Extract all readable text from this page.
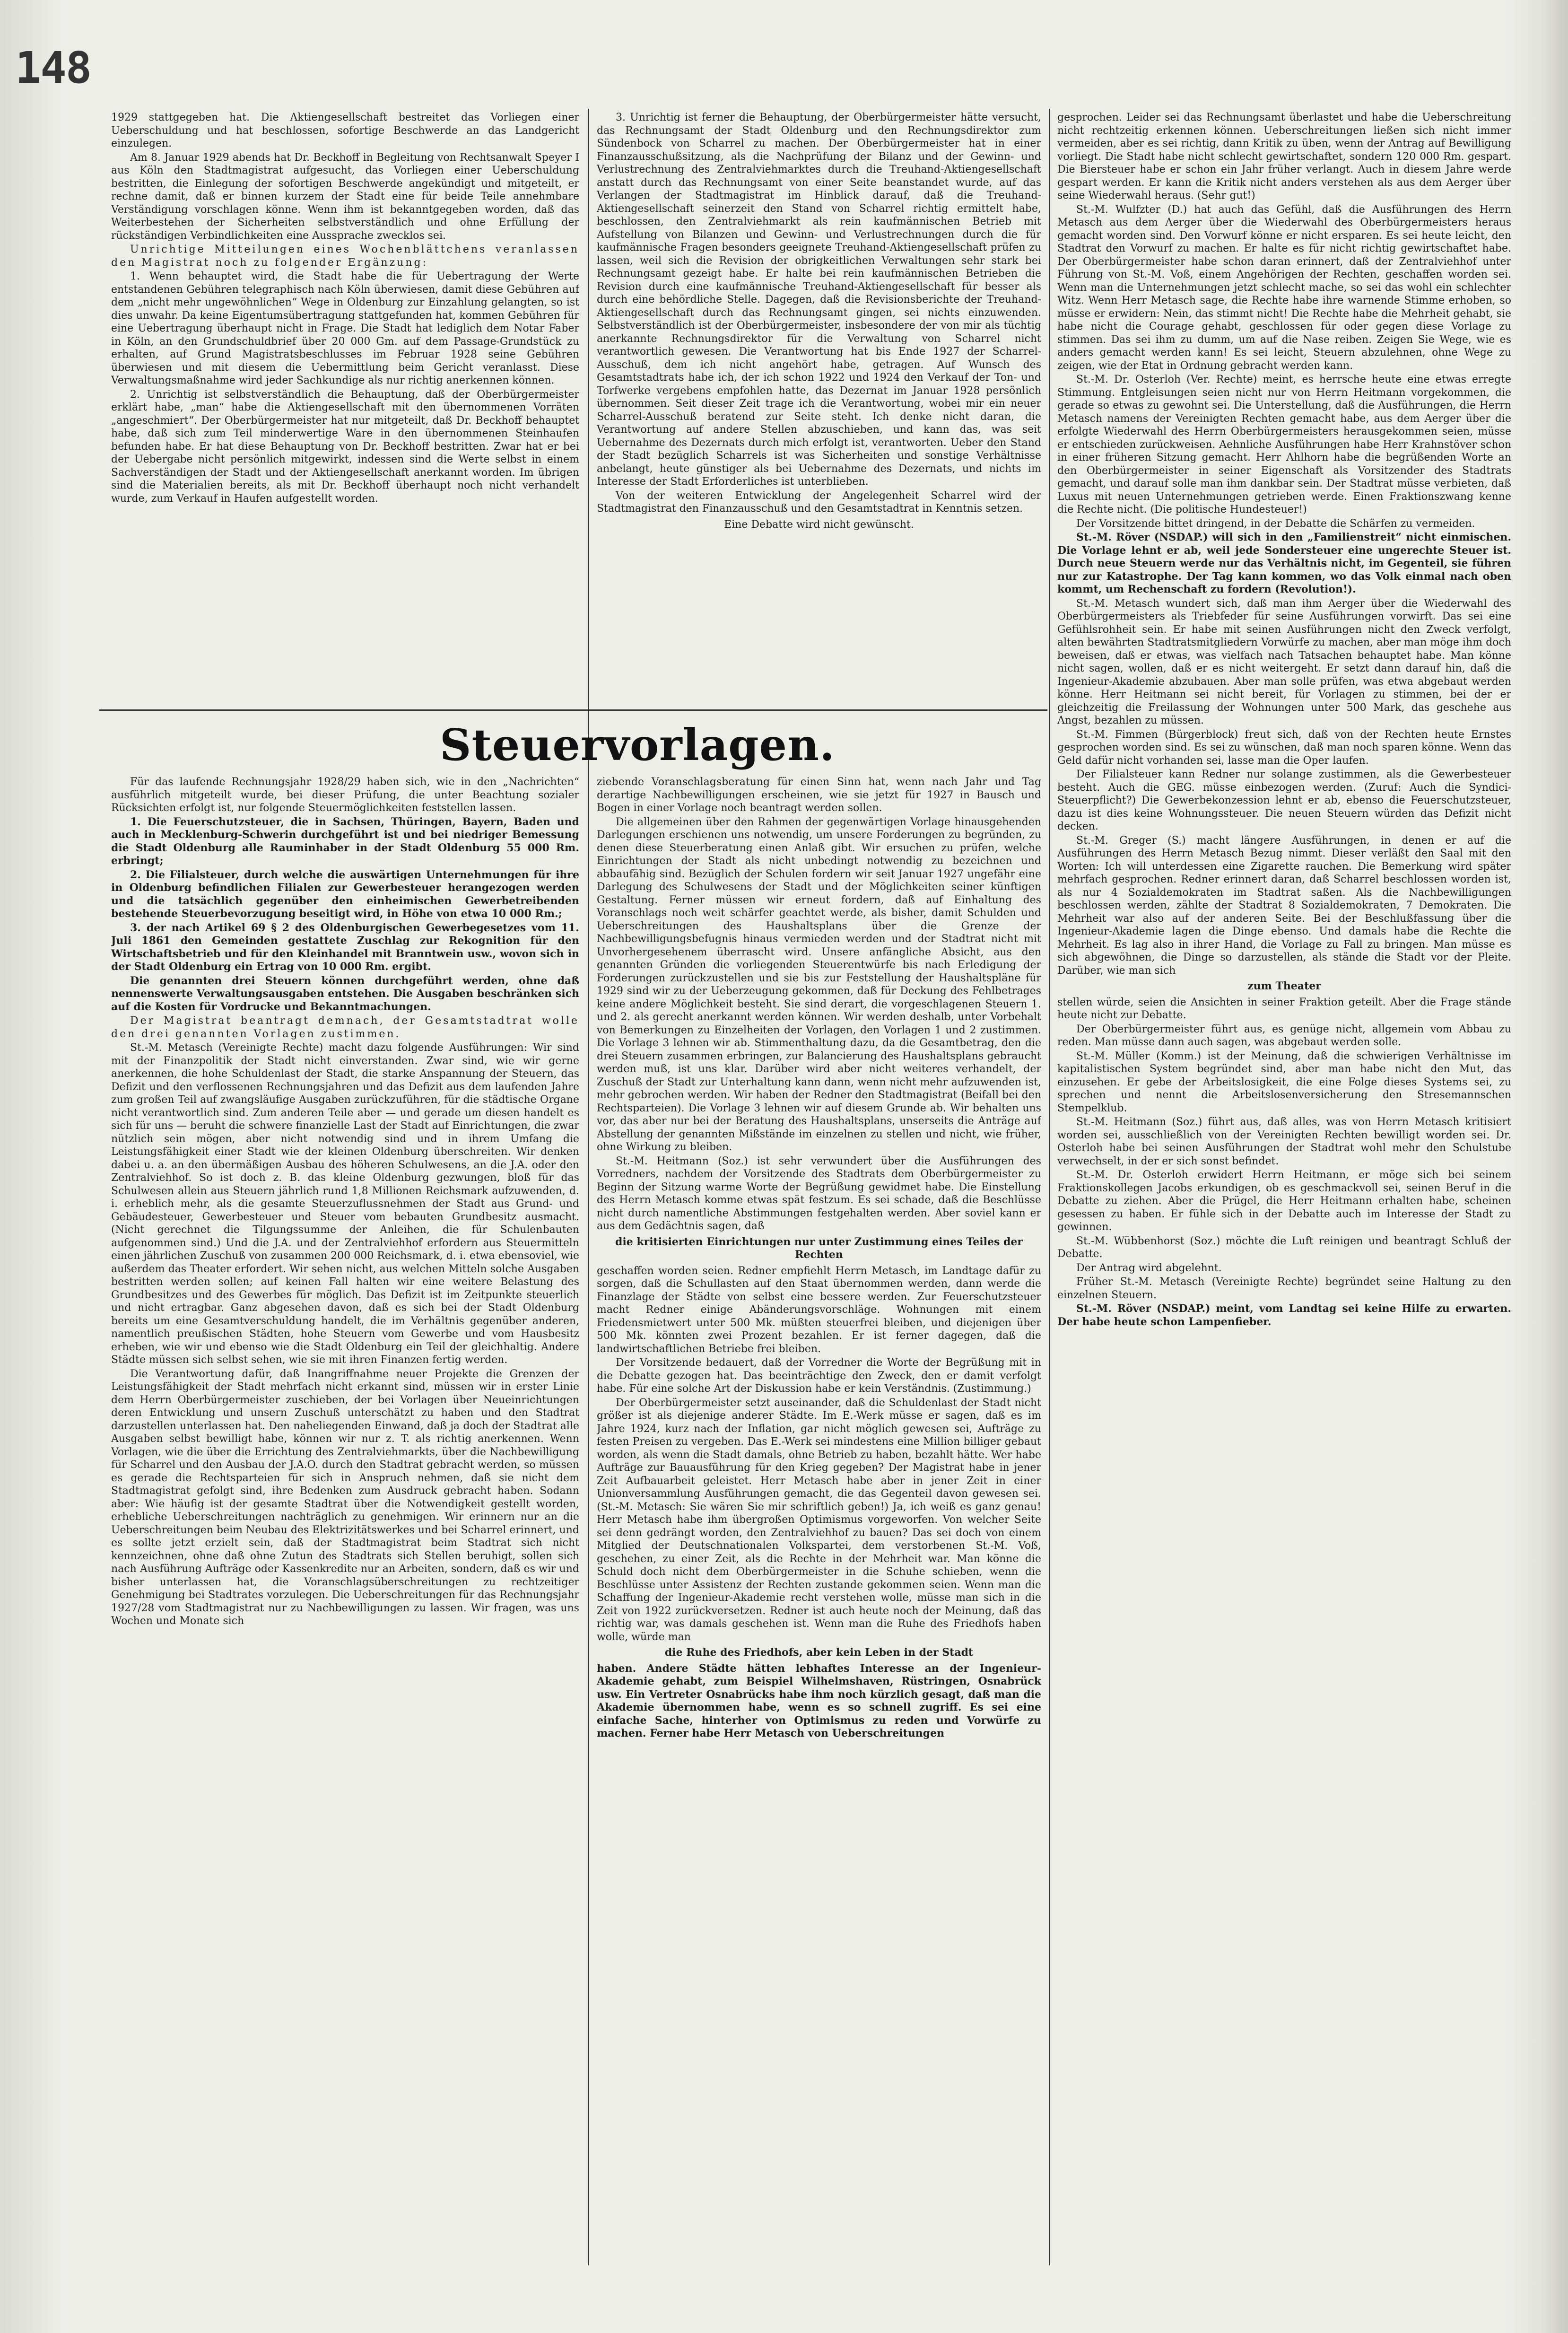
148

1929 stattgegeben hat. Die Aktiengesellschaft bestreitet das Vorliegen einer Ueberschuldung und hat beschlossen, sofortige Beschwerde an das Landgericht einzulegen.

Am 8. Januar 1929 abends hat Dr. Beckhoff in Begleitung von Rechtsanwalt Speyer I aus Köln den Stadtmagistrat aufgesucht, das Vorliegen einer Ueberschuldung bestritten, die Einlegung der sofortigen Beschwerde angekündigt und mitgeteilt, er rechne damit, daß er binnen kurzem der Stadt eine für beide Teile annehmbare Verständigung vorschlagen könne. Wenn ihm ist bekanntgegeben worden, daß das Weiterbestehen der Sicherheiten selbstverständlich und ohne Erfüllung der rückständigen Verbindlichkeiten eine Aussprache zwecklos sei.

Unrichtige Mitteilungen eines Wochenblättchens veranlassen den Magistrat noch zu folgender Ergänzung:

1. Wenn behauptet wird, die Stadt habe die für Uebertragung der Werte entstandenen Gebühren telegraphisch nach Köln überwiesen, damit diese Gebühren auf dem „nicht mehr ungewöhnlichen“ Wege in Oldenburg zur Einzahlung gelangten, so ist dies unwahr. Da keine Eigentumsübertragung stattgefunden hat, kommen Gebühren für eine Uebertragung überhaupt nicht in Frage. Die Stadt hat lediglich dem Notar Faber in Köln, an den Grundschuldbrief über 20 000 Gm. auf dem Passage-Grundstück zu erhalten, auf Grund Magistratsbeschlusses im Februar 1928 seine Gebühren überwiesen und mit diesem die Uebermittlung beim Gericht veranlasst. Diese Verwaltungsmaßnahme wird jeder Sachkundige als nur richtig anerkennen können.

2. Unrichtig ist selbstverständlich die Behauptung, daß der Oberbürgermeister erklärt habe, „man“ habe die Aktiengesellschaft mit den übernommenen Vorräten „angeschmiert“. Der Oberbürgermeister hat nur mitgeteilt, daß Dr. Beckhoff behauptet habe, daß sich zum Teil minderwertige Ware in den übernommenen Steinhaufen befunden habe. Er hat diese Behauptung von Dr. Beckhoff bestritten. Zwar hat er bei der Uebergabe nicht persönlich mitgewirkt, indessen sind die Werte selbst in einem Sachverständigen der Stadt und der Aktiengesellschaft anerkannt worden. Im übrigen sind die Materialien bereits, als mit Dr. Beckhoff überhaupt noch nicht verhandelt wurde, zum Verkauf in Haufen aufgestellt worden.

3. Unrichtig ist ferner die Behauptung, der Oberbürgermeister hätte versucht, das Rechnungsamt der Stadt Oldenburg und den Rechnungsdirektor zum Sündenbock von Scharrel zu machen. Der Oberbürgermeister hat in einer Finanzausschußsitzung, als die Nachprüfung der Bilanz und der Gewinn- und Verlustrechnung des Zentralviehmarktes durch die Treuhand-Aktiengesellschaft anstatt durch das Rechnungsamt von einer Seite beanstandet wurde, auf das Verlangen der Stadtmagistrat im Hinblick darauf, daß die Treuhand-Aktiengesellschaft seinerzeit den Stand von Scharrel richtig ermittelt habe, beschlossen, den Zentralviehmarkt als rein kaufmännischen Betrieb mit Aufstellung von Bilanzen und Gewinn- und Verlustrechnungen durch die für kaufmännische Fragen besonders geeignete Treuhand-Aktiengesellschaft prüfen zu lassen, weil sich die Revision der obrigkeitlichen Verwaltungen sehr stark bei Rechnungsamt gezeigt habe. Er halte bei rein kaufmännischen Betrieben die Revision durch eine kaufmännische Treuhand-Aktiengesellschaft für besser als durch eine behördliche Stelle. Dagegen, daß die Revisionsberichte der Treuhand-Aktiengesellschaft durch das Rechnungsamt gingen, sei nichts einzuwenden. Selbstverständlich ist der Oberbürgermeister, insbesondere der von mir als tüchtig anerkannte Rechnungsdirektor für die Verwaltung von Scharrel nicht verantwortlich gewesen. Die Verantwortung hat bis Ende 1927 der Scharrel-Ausschuß, dem ich nicht angehört habe, getragen. Auf Wunsch des Gesamtstadtrats habe ich, der ich schon 1922 und 1924 den Verkauf der Ton- und Torfwerke vergebens empfohlen hatte, das Dezernat im Januar 1928 persönlich übernommen. Seit dieser Zeit trage ich die Verantwortung, wobei mir ein neuer Scharrel-Ausschuß beratend zur Seite steht. Ich denke nicht daran, die Verantwortung auf andere Stellen abzuschieben, und kann das, was seit Uebernahme des Dezernats durch mich erfolgt ist, verantworten. Ueber den Stand der Stadt bezüglich Scharrels ist was Sicherheiten und sonstige Verhältnisse anbelangt, heute günstiger als bei Uebernahme des Dezernats, und nichts im Interesse der Stadt Erforderliches ist unterblieben.

Von der weiteren Entwicklung der Angelegenheit Scharrel wird der Stadtmagistrat den Finanzausschuß und den Gesamtstadtrat in Kenntnis setzen.

Eine Debatte wird nicht gewünscht.

Steuervorlagen.

Für das laufende Rechnungsjahr 1928/29 haben sich, wie in den „Nachrichten“ ausführlich mitgeteilt wurde, bei dieser Prüfung, die unter Beachtung sozialer Rücksichten erfolgt ist, nur folgende Steuermöglichkeiten feststellen lassen.

1. Die Feuerschutzsteuer, die in Sachsen, Thüringen, Bayern, Baden und auch in Mecklenburg-Schwerin durchgeführt ist und bei niedriger Bemessung die Stadt Oldenburg alle Rauminhaber in der Stadt Oldenburg 55 000 Rm. erbringt;

2. Die Filialsteuer, durch welche die auswärtigen Unternehmungen für ihre in Oldenburg befindlichen Filialen zur Gewerbesteuer herangezogen werden und die tatsächlich gegenüber den einheimischen Gewerbetreibenden bestehende Steuerbevorzugung beseitigt wird, in Höhe von etwa 10 000 Rm.;

3. der nach Artikel 69 § 2 des Oldenburgischen Gewerbegesetzes vom 11. Juli 1861 den Gemeinden gestattete Zuschlag zur Rekognition für den Wirtschaftsbetrieb und für den Kleinhandel mit Branntwein usw., wovon sich in der Stadt Oldenburg ein Ertrag von 10 000 Rm. ergibt.

Die genannten drei Steuern können durchgeführt werden, ohne daß nennenswerte Verwaltungsausgaben entstehen. Die Ausgaben beschränken sich auf die Kosten für Vordrucke und Bekanntmachungen.

Der Magistrat beantragt demnach, der Gesamtstadtrat wolle den drei genannten Vorlagen zustimmen.

St.-M. Metasch (Vereinigte Rechte) macht dazu folgende Ausführungen: Wir sind mit der Finanzpolitik der Stadt nicht einverstanden. Zwar sind, wie wir gerne anerkennen, die hohe Schuldenlast der Stadt, die starke Anspannung der Steuern, das Defizit und den verflossenen Rechnungsjahren und das Defizit aus dem laufenden Jahre zum großen Teil auf zwangsläufige Ausgaben zurückzuführen, für die städtische Organe nicht verantwortlich sind. Zum anderen Teile aber — und gerade um diesen handelt es sich für uns — beruht die schwere finanzielle Last der Stadt auf Einrichtungen, die zwar nützlich sein mögen, aber nicht notwendig sind und in ihrem Umfang die Leistungsfähigkeit einer Stadt wie der kleinen Oldenburg überschreiten. Wir denken dabei u. a. an den übermäßigen Ausbau des höheren Schulwesens, an die J.A. oder den Zentralviehhof. So ist doch z. B. das kleine Oldenburg gezwungen, bloß für das Schulwesen allein aus Steuern jährlich rund 1,8 Millionen Reichsmark aufzuwenden, d. i. erheblich mehr, als die gesamte Steuerzuflussnehmen der Stadt aus Grund- und Gebäudesteuer, Gewerbesteuer und Steuer vom bebauten Grundbesitz ausmacht. (Nicht gerechnet die Tilgungssumme der Anleihen, die für Schulenbauten aufgenommen sind.) Und die J.A. und der Zentralviehhof erfordern aus Steuermitteln einen jährlichen Zuschuß von zusammen 200 000 Reichsmark, d. i. etwa ebensoviel, wie außerdem das Theater erfordert. Wir sehen nicht, aus welchen Mitteln solche Ausgaben bestritten werden sollen; auf keinen Fall halten wir eine weitere Belastung des Grundbesitzes und des Gewerbes für möglich. Das Defizit ist im Zeitpunkte steuerlich und nicht ertragbar. Ganz abgesehen davon, daß es sich bei der Stadt Oldenburg bereits um eine Gesamtverschuldung handelt, die im Verhältnis gegenüber anderen, namentlich preußischen Städten, hohe Steuern vom Gewerbe und vom Hausbesitz erheben, wie wir und ebenso wie die Stadt Oldenburg ein Teil der gleichhaltig. Andere Städte müssen sich selbst sehen, wie sie mit ihren Finanzen fertig werden.

Die Verantwortung dafür, daß Inangriffnahme neuer Projekte die Grenzen der Leistungsfähigkeit der Stadt mehrfach nicht erkannt sind, müssen wir in erster Linie dem Herrn Oberbürgermeister zuschieben, der bei Vorlagen über Neueinrichtungen deren Entwicklung und unsern Zuschuß unterschätzt zu haben und den Stadtrat darzustellen unterlassen hat. Den naheliegenden Einwand, daß ja doch der Stadtrat alle Ausgaben selbst bewilligt habe, können wir nur z. T. als richtig anerkennen. Wenn Vorlagen, wie die über die Errichtung des Zentralviehmarkts, über die Nachbewilligung für Scharrel und den Ausbau der J.A.O. durch den Stadtrat gebracht werden, so müssen es gerade die Rechtsparteien für sich in Anspruch nehmen, daß sie nicht dem Stadtmagistrat gefolgt sind, ihre Bedenken zum Ausdruck gebracht haben. Sodann aber: Wie häufig ist der gesamte Stadtrat über die Notwendigkeit gestellt worden, erhebliche Ueberschreitungen nachträglich zu genehmigen. Wir erinnern nur an die Ueberschreitungen beim Neubau des Elektrizitätswerkes und bei Scharrel erinnert, und es sollte jetzt erzielt sein, daß der Stadtmagistrat beim Stadtrat sich nicht kennzeichnen, ohne daß ohne Zutun des Stadtrats sich Stellen beruhigt, sollen sich nach Ausführung Aufträge oder Kassenkredite nur an Arbeiten, sondern, daß es wir und bisher unterlassen hat, die Voranschlagsüberschreitungen zu rechtzeitiger Genehmigung bei Stadtrates vorzulegen. Die Ueberschreitungen für das Rechnungsjahr 1927/28 vom Stadtmagistrat nur zu Nachbewilligungen zu lassen. Wir fragen, was uns Wochen und Monate sich

ziebende Voranschlagsberatung für einen Sinn hat, wenn nach Jahr und Tag derartige Nachbewilligungen erscheinen, wie sie jetzt für 1927 in Bausch und Bogen in einer Vorlage noch beantragt werden sollen.

Die allgemeinen über den Rahmen der gegenwärtigen Vorlage hinausgehenden Darlegungen erschienen uns notwendig, um unsere Forderungen zu begründen, zu denen diese Steuerberatung einen Anlaß gibt. Wir ersuchen zu prüfen, welche Einrichtungen der Stadt als nicht unbedingt notwendig zu bezeichnen und abbaufähig sind. Bezüglich der Schulen fordern wir seit Januar 1927 ungefähr eine Darlegung des Schulwesens der Stadt und der Möglichkeiten seiner künftigen Gestaltung. Ferner müssen wir erneut fordern, daß auf Einhaltung des Voranschlags noch weit schärfer geachtet werde, als bisher, damit Schulden und Ueberschreitungen des Haushaltsplans über die Grenze der Nachbewilligungsbefugnis hinaus vermieden werden und der Stadtrat nicht mit Unvorhergesehenem überrascht wird. Unsere anfängliche Absicht, aus den genannten Gründen die vorliegenden Steuerentwürfe bis nach Erledigung der Forderungen zurückzustellen und sie bis zur Feststellung der Haushaltspläne für 1929 sind wir zu der Ueberzeugung gekommen, daß für Deckung des Fehlbetrages keine andere Möglichkeit besteht. Sie sind derart, die vorgeschlagenen Steuern 1. und 2. als gerecht anerkannt werden können. Wir werden deshalb, unter Vorbehalt von Bemerkungen zu Einzelheiten der Vorlagen, den Vorlagen 1 und 2 zustimmen. Die Vorlage 3 lehnen wir ab. Stimmenthaltung dazu, da die Gesamtbetrag, den die drei Steuern zusammen erbringen, zur Balancierung des Haushaltsplans gebraucht werden muß, ist uns klar. Darüber wird aber nicht weiteres verhandelt, der Zuschuß der Stadt zur Unterhaltung kann dann, wenn nicht mehr aufzuwenden ist, mehr gebrochen werden. Wir haben der Redner den Stadtmagistrat (Beifall bei den Rechtsparteien). Die Vorlage 3 lehnen wir auf diesem Grunde ab. Wir behalten uns vor, das aber nur bei der Beratung des Haushaltsplans, unserseits die Anträge auf Abstellung der genannten Mißstände im einzelnen zu stellen und nicht, wie früher, ohne Wirkung zu bleiben.

St.-M. Heitmann (Soz.) ist sehr verwundert über die Ausführungen des Vorredners, nachdem der Vorsitzende des Stadtrats dem Oberbürgermeister zu Beginn der Sitzung warme Worte der Begrüßung gewidmet habe. Die Einstellung des Herrn Metasch komme etwas spät festzum. Es sei schade, daß die Beschlüsse nicht durch namentliche Abstimmungen festgehalten werden. Aber soviel kann er aus dem Gedächtnis sagen, daß

die kritisierten Einrichtungen nur unter Zustimmung eines Teiles der Rechten

geschaffen worden seien. Redner empfiehlt Herrn Metasch, im Landtage dafür zu sorgen, daß die Schullasten auf den Staat übernommen werden, dann werde die Finanzlage der Städte von selbst eine bessere werden. Zur Feuerschutzsteuer macht Redner einige Abänderungsvorschläge. Wohnungen mit einem Friedensmietwert unter 500 Mk. müßten steuerfrei bleiben, und diejenigen über 500 Mk. könnten zwei Prozent bezahlen. Er ist ferner dagegen, daß die landwirtschaftlichen Betriebe frei bleiben.

Der Vorsitzende bedauert, daß der Vorredner die Worte der Begrüßung mit in die Debatte gezogen hat. Das beeinträchtige den Zweck, den er damit verfolgt habe. Für eine solche Art der Diskussion habe er kein Verständnis. (Zustimmung.)

Der Oberbürgermeister setzt auseinander, daß die Schuldenlast der Stadt nicht größer ist als diejenige anderer Städte. Im E.-Werk müsse er sagen, daß es im Jahre 1924, kurz nach der Inflation, gar nicht möglich gewesen sei, Aufträge zu festen Preisen zu vergeben. Das E.-Werk sei mindestens eine Million billiger gebaut worden, als wenn die Stadt damals, ohne Betrieb zu haben, bezahlt hätte. Wer habe Aufträge zur Bauausführung für den Krieg gegeben? Der Magistrat habe in jener Zeit Aufbauarbeit geleistet. Herr Metasch habe aber in jener Zeit in einer Unionversammlung Ausführungen gemacht, die das Gegenteil davon gewesen sei. (St.-M. Metasch: Sie wären Sie mir schriftlich geben!) Ja, ich weiß es ganz genau! Herr Metasch habe ihm übergroßen Optimismus vorgeworfen. Von welcher Seite sei denn gedrängt worden, den Zentralviehhof zu bauen? Das sei doch von einem Mitglied der Deutschnationalen Volkspartei, dem verstorbenen St.-M. Voß, geschehen, zu einer Zeit, als die Rechte in der Mehrheit war. Man könne die Schuld doch nicht dem Oberbürgermeister in die Schuhe schieben, wenn die Beschlüsse unter Assistenz der Rechten zustande gekommen seien. Wenn man die Schaffung der Ingenieur-Akademie recht verstehen wolle, müsse man sich in die Zeit von 1922 zurückversetzen. Redner ist auch heute noch der Meinung, daß das richtig war, was damals geschehen ist. Wenn man die Ruhe des Friedhofs haben wolle, würde man

die Ruhe des Friedhofs, aber kein Leben in der Stadt

haben. Andere Städte hätten lebhaftes Interesse an der Ingenieur-Akademie gehabt, zum Beispiel Wilhelmshaven, Rüstringen, Osnabrück usw. Ein Vertreter Osnabrücks habe ihm noch kürzlich gesagt, daß man die Akademie übernommen habe, wenn es so schnell zugriff. Es sei eine einfache Sache, hinterher von Optimismus zu reden und Vorwürfe zu machen. Ferner habe Herr Metasch von Ueberschreitungen

gesprochen. Leider sei das Rechnungsamt überlastet und habe die Ueberschreitung nicht rechtzeitig erkennen können. Ueberschreitungen ließen sich nicht immer vermeiden, aber es sei richtig, dann Kritik zu üben, wenn der Antrag auf Bewilligung vorliegt. Die Stadt habe nicht schlecht gewirtschaftet, sondern 120 000 Rm. gespart. Die Biersteuer habe er schon ein Jahr früher verlangt. Auch in diesem Jahre werde gespart werden. Er kann die Kritik nicht anders verstehen als aus dem Aerger über seine Wiederwahl heraus. (Sehr gut!)

St.-M. Wulfzter (D.) hat auch das Gefühl, daß die Ausführungen des Herrn Metasch aus dem Aerger über die Wiederwahl des Oberbürgermeisters heraus gemacht worden sind. Den Vorwurf könne er nicht ersparen. Es sei heute leicht, den Stadtrat den Vorwurf zu machen. Er halte es für nicht richtig gewirtschaftet habe. Der Oberbürgermeister habe schon daran erinnert, daß der Zentralviehhof unter Führung von St.-M. Voß, einem Angehörigen der Rechten, geschaffen worden sei. Wenn man die Unternehmungen jetzt schlecht mache, so sei das wohl ein schlechter Witz. Wenn Herr Metasch sage, die Rechte habe ihre warnende Stimme erhoben, so müsse er erwidern: Nein, das stimmt nicht! Die Rechte habe die Mehrheit gehabt, sie habe nicht die Courage gehabt, geschlossen für oder gegen diese Vorlage zu stimmen. Das sei ihm zu dumm, um auf die Nase reiben. Zeigen Sie Wege, wie es anders gemacht werden kann! Es sei leicht, Steuern abzulehnen, ohne Wege zu zeigen, wie der Etat in Ordnung gebracht werden kann.

St.-M. Dr. Osterloh (Ver. Rechte) meint, es herrsche heute eine etwas erregte Stimmung. Entgleisungen seien nicht nur von Herrn Heitmann vorgekommen, die gerade so etwas zu gewohnt sei. Die Unterstellung, daß die Ausführungen, die Herrn Metasch namens der Vereinigten Rechten gemacht habe, aus dem Aerger über die erfolgte Wiederwahl des Herrn Oberbürgermeisters herausgekommen seien, müsse er entschieden zurückweisen. Aehnliche Ausführungen habe Herr Krahnstöver schon in einer früheren Sitzung gemacht. Herr Ahlhorn habe die begrüßenden Worte an den Oberbürgermeister in seiner Eigenschaft als Vorsitzender des Stadtrats gemacht, und darauf solle man ihm dankbar sein. Der Stadtrat müsse verbieten, daß Luxus mit neuen Unternehmungen getrieben werde. Einen Fraktionszwang kenne die Rechte nicht. (Die politische Hundesteuer!)

Der Vorsitzende bittet dringend, in der Debatte die Schärfen zu vermeiden.

St.-M. Röver (NSDAP.) will sich in den „Familienstreit“ nicht einmischen. Die Vorlage lehnt er ab, weil jede Sondersteuer eine ungerechte Steuer ist. Durch neue Steuern werde nur das Verhältnis nicht, im Gegenteil, sie führen nur zur Katastrophe. Der Tag kann kommen, wo das Volk einmal nach oben kommt, um Rechenschaft zu fordern (Revolution!).

St.-M. Metasch wundert sich, daß man ihm Aerger über die Wiederwahl des Oberbürgermeisters als Triebfeder für seine Ausführungen vorwirft. Das sei eine Gefühlsrohheit sein. Er habe mit seinen Ausführungen nicht den Zweck verfolgt, alten bewährten Stadtratsmitgliedern Vorwürfe zu machen, aber man möge ihm doch beweisen, daß er etwas, was vielfach nach Tatsachen behauptet habe. Man könne nicht sagen, wollen, daß er es nicht weitergeht. Er setzt dann darauf hin, daß die Ingenieur-Akademie abzubauen. Aber man solle prüfen, was etwa abgebaut werden könne. Herr Heitmann sei nicht bereit, für Vorlagen zu stimmen, bei der er gleichzeitig die Freilassung der Wohnungen unter 500 Mark, das geschehe aus Angst, bezahlen zu müssen.

St.-M. Fimmen (Bürgerblock) freut sich, daß von der Rechten heute Ernstes gesprochen worden sind. Es sei zu wünschen, daß man noch sparen könne. Wenn das Geld dafür nicht vorhanden sei, lasse man die Oper laufen.

Der Filialsteuer kann Redner nur solange zustimmen, als die Gewerbesteuer besteht. Auch die GEG. müsse einbezogen werden. (Zuruf: Auch die Syndici-Steuerpflicht?) Die Gewerbekonzession lehnt er ab, ebenso die Feuerschutzsteuer, dazu ist dies keine Wohnungssteuer. Die neuen Steuern würden das Defizit nicht decken.

St.-M. Greger (S.) macht längere Ausführungen, in denen er auf die Ausführungen des Herrn Metasch Bezug nimmt. Dieser verläßt den Saal mit den Worten: Ich will unterdessen eine Zigarette rauchen. Die Bemerkung wird später mehrfach gesprochen. Redner erinnert daran, daß Scharrel beschlossen worden ist, als nur 4 Sozialdemokraten im Stadtrat saßen. Als die Nachbewilligungen beschlossen werden, zählte der Stadtrat 8 Sozialdemokraten, 7 Demokraten. Die Mehrheit war also auf der anderen Seite. Bei der Beschlußfassung über die Ingenieur-Akademie lagen die Dinge ebenso. Und damals habe die Rechte die Mehrheit. Es lag also in ihrer Hand, die Vorlage zu Fall zu bringen. Man müsse es sich abgewöhnen, die Dinge so darzustellen, als stände die Stadt vor der Pleite. Darüber, wie man sich

zum Theater

stellen würde, seien die Ansichten in seiner Fraktion geteilt. Aber die Frage stände heute nicht zur Debatte.

Der Oberbürgermeister führt aus, es genüge nicht, allgemein vom Abbau zu reden. Man müsse dann auch sagen, was abgebaut werden solle.

St.-M. Müller (Komm.) ist der Meinung, daß die schwierigen Verhältnisse im kapitalistischen System begründet sind, aber man habe nicht den Mut, das einzusehen. Er gebe der Arbeitslosigkeit, die eine Folge dieses Systems sei, zu sprechen und nennt die Arbeitslosenversicherung den Stresemannschen Stempelklub.

St.-M. Heitmann (Soz.) führt aus, daß alles, was von Herrn Metasch kritisiert worden sei, ausschließlich von der Vereinigten Rechten bewilligt worden sei. Dr. Osterloh habe bei seinen Ausführungen der Stadtrat wohl mehr den Schulstube verwechselt, in der er sich sonst befindet.

St.-M. Dr. Osterloh erwidert Herrn Heitmann, er möge sich bei seinem Fraktionskollegen Jacobs erkundigen, ob es geschmackvoll sei, seinen Beruf in die Debatte zu ziehen. Aber die Prügel, die Herr Heitmann erhalten habe, scheinen gesessen zu haben. Er fühle sich in der Debatte auch im Interesse der Stadt zu gewinnen.

St.-M. Wübbenhorst (Soz.) möchte die Luft reinigen und beantragt Schluß der Debatte.

Der Antrag wird abgelehnt.

Früher St.-M. Metasch (Vereinigte Rechte) begründet seine Haltung zu den einzelnen Steuern.

St.-M. Röver (NSDAP.) meint, vom Landtag sei keine Hilfe zu erwarten. Der habe heute schon Lampenfieber.
